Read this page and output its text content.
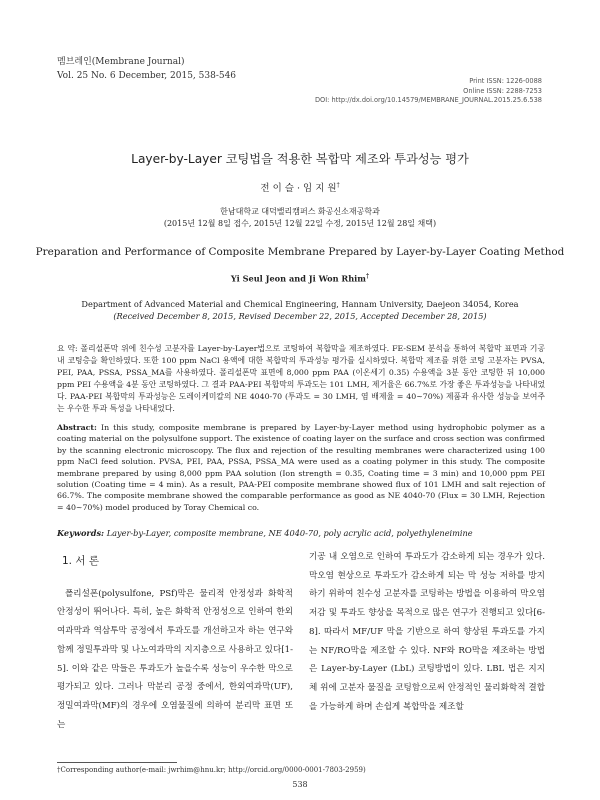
멤브레인(Membrane Journal)
Vol. 25 No. 6 December, 2015, 538-546	Print ISSN: 1226-0088
Online ISSN: 2288-7253
DOI: http://dx.doi.org/10.14579/MEMBRANE_JOURNAL.2015.25.6.538
Layer-by-Layer 코팅법을 적용한 복합막 제조와 투과성능 평가
전 이 슬 · 임 지 원†
한남대학교 대덕밸리캠퍼스 화공신소재공학과
(2015년 12월 8일 접수, 2015년 12월 22일 수정, 2015년 12월 28일 채택)
Preparation and Performance of Composite Membrane Prepared by Layer-by-Layer Coating Method
Yi Seul Jeon and Ji Won Rhim†
Department of Advanced Material and Chemical Engineering, Hannam University, Daejeon 34054, Korea
(Received December 8, 2015, Revised December 22, 2015, Accepted December 28, 2015)
요 약: 폴리설폰막 위에 친수성 고분자를 Layer-by-Layer법으로 코팅하여 복합막을 제조하였다. FE-SEM 분석을 통하여 복합막 표면과 기공 내 코팅층을 확인하였다. 또한 100 ppm NaCl 용액에 대한 복합막의 투과성능 평가를 실시하였다. 복합막 제조를 위한 코팅 고분자는 PVSA, PEI, PAA, PSSA, PSSA_MA를 사용하였다. 폴리설폰막 표면에 8,000 ppm PAA (이온세기 0.35) 수용액을 3분 동안 코팅한 뒤 10,000 ppm PEI 수용액을 4분 동안 코팅하였다. 그 결과 PAA-PEI 복합막의 투과도는 101 LMH, 제거율은 66.7%로 가장 좋은 투과성능을 나타내었다. PAA-PEI 복합막의 투과성능은 도레이케미칼의 NE 4040-70 (투과도 = 30 LMH, 염 배제율 = 40~70%) 제품과 유사한 성능을 보여주는 우수한 투과 특성을 나타내었다.
Abstract: In this study, composite membrane is prepared by Layer-by-Layer method using hydrophobic polymer as a coating material on the polysulfone support. The existence of coating layer on the surface and cross section was confirmed by the scanning electronic microscopy. The flux and rejection of the resulting membranes were characterized using 100 ppm NaCl feed solution. PVSA, PEI, PAA, PSSA, PSSA_MA were used as a coating polymer in this study. The composite membrane prepared by using 8,000 ppm PAA solution (Ion strength = 0.35, Coating time = 3 min) and 10,000 ppm PEI solution (Coating time = 4 min). As a result, PAA-PEI composite membrane showed flux of 101 LMH and salt rejection of 66.7%. The composite membrane showed the comparable performance as good as NE 4040-70 (Flux = 30 LMH, Rejection = 40~70%) model produced by Toray Chemical co.
Keywords: Layer-by-Layer, composite membrane, NE 4040-70, poly acrylic acid, polyethyleneimine
1. 서 론
폴리설폰(polysulfone, PSf)막은 물리적 안정성과 화학적 안정성이 뛰어나다. 특히, 높은 화학적 안정성으로 인하여 한외여과막과 역삼투막 공정에서 투과도를 개선하고자 하는 연구와 함께 정밀투과막 및 나노여과막의 지지층으로 사용하고 있다[1-5]. 이와 같은 막들은 투과도가 높을수록 성능이 우수한 막으로 평가되고 있다. 그러나 막분리 공정 중에서, 한외여과막(UF), 정밀여과막(MF)의 경우에 오염물질에 의하여 분리막 표면 또는
기공 내 오염으로 인하여 투과도가 감소하게 되는 경우가 있다. 막오염 현상으로 투과도가 감소하게 되는 막 성능 저하를 방지하기 위하여 친수성 고분자를 코팅하는 방법을 이용하여 막오염 저감 및 투과도 향상을 목적으로 많은 연구가 진행되고 있다[6-8]. 따라서 MF/UF 막을 기반으로 하여 향상된 투과도를 가지는 NF/RO막을 제조할 수 있다. NF와 RO막을 제조하는 방법은 Layer-by-Layer (LbL) 코팅방법이 있다. LBL 법은 지지체 위에 고분자 물질을 코팅함으로써 안정적인 물리화학적 결합을 가능하게 하며 손쉽게 복합막을 제조할
†Corresponding author(e-mail: jwrhim@hnu.kr; http://orcid.org/0000-0001-7803-2959)
538
